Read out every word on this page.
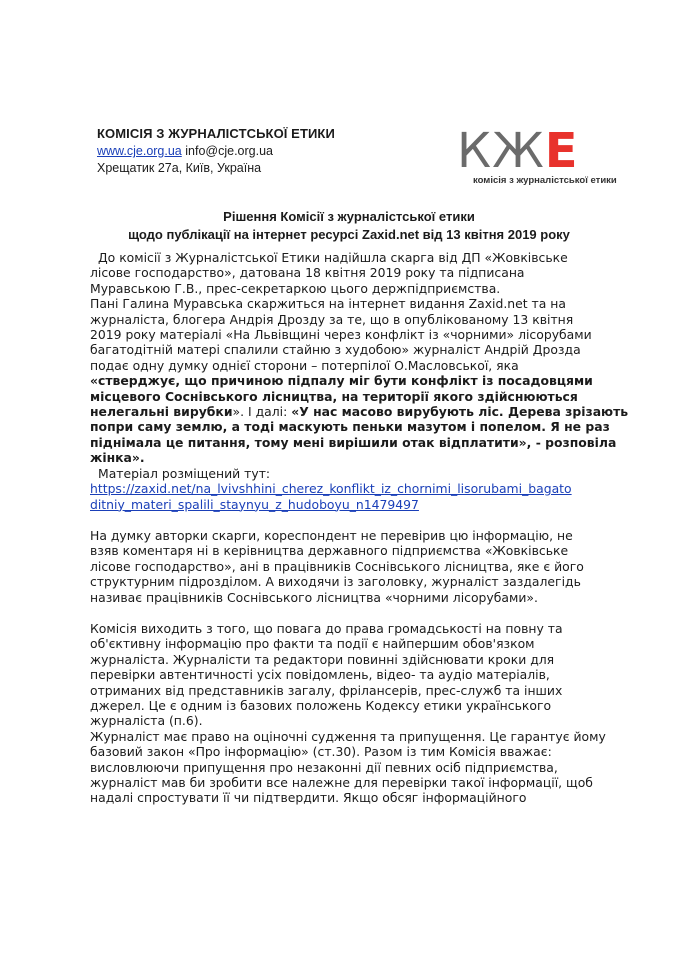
КОМІСІЯ З ЖУРНАЛІСТСЬКОЇ ЕТИКИ
www.cje.org.ua info@cje.org.ua
Хрещатик 27а, Київ, Україна	КЖЕ
комісія з журналістської етики
Рішення Комісії з журналістської етики
щодо публікації на інтернет ресурсі Zaxid.net від 13 квітня 2019 року

До комісії з Журналістської Етики надійшла скарга від ДП «Жовківське
лісове господарство», датована 18 квітня 2019 року та підписана
Муравською Г.В., прес-секретаркою цього держпідприємства.

Пані Галина Муравська скаржиться на інтернет видання Zaxid.net та на
журналіста, блогера Андрія Дрозду за те, що в опублікованому 13 квітня
2019 року матеріалі «На Львівщині через конфлікт із «чорними» лісорубами
багатодітній матері спалили стайню з худобою» журналіст Андрій Дрозда
подає одну думку однієї сторони – потерпілої О.Масловської, яка
«стверджує, що причиною підпалу міг бути конфлікт із посадовцями
місцевого Соснівського лісництва, на території якого здійснюються
нелегальні вирубки». І далі: «У нас масово вирубують ліс. Дерева зрізають
попри саму землю, а тоді маскують пеньки мазутом і попелом. Я не раз
піднімала це питання, тому мені вирішили отак відплатити», - розповіла
жінка».
Матеріал розміщений тут:
https://zaxid.net/na_lvivshhini_cherez_konflikt_iz_chornimi_lisorubami_bagato
ditniy_materi_spalili_staynyu_z_hudoboyu_n1479497

На думку авторки скарги, кореспондент не перевірив цю інформацію, не
взяв коментаря ні в керівництва державного підприємства «Жовківське
лісове господарство», ані в працівників Соснівського лісництва, яке є його
структурним підрозділом. А виходячи із заголовку, журналіст заздалегідь
називає працівників Соснівського лісництва «чорними лісорубами».

Комісія виходить з того, що повага до права громадськості на повну та
об'єктивну інформацію про факти та події є найпершим обов'язком
журналіста. Журналісти та редактори повинні здійснювати кроки для
перевірки автентичності усіх повідомлень, відео- та аудіо матеріалів,
отриманих від представників загалу, фрілансерів, прес-служб та інших
джерел. Це є одним із базових положень Кодексу етики українського
журналіста (п.6).

Журналіст має право на оціночні судження та припущення. Це гарантує йому
базовий закон «Про інформацію» (ст.30). Разом із тим Комісія вважає:
висловлюючи припущення про незаконні дії певних осіб підприємства,
журналіст мав би зробити все належне для перевірки такої інформації, щоб
надалі спростувати її чи підтвердити. Якщо обсяг інформаційного
